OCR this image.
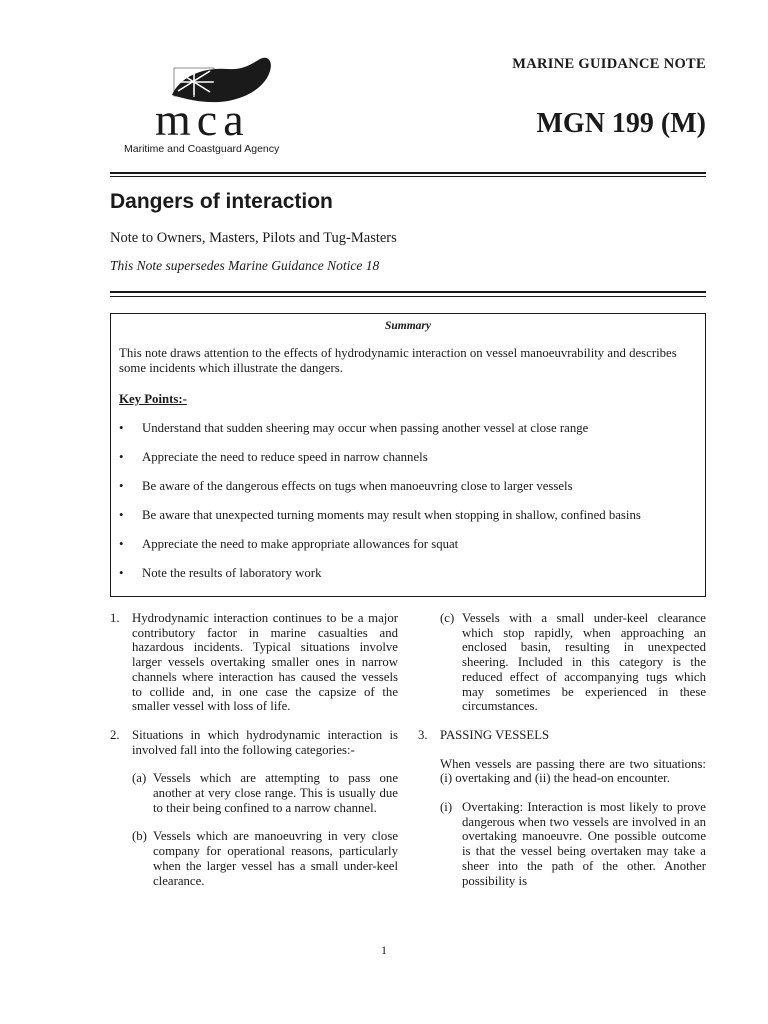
mca
Maritime and Coastguard Agency
MARINE GUIDANCE NOTE
MGN 199 (M)
Dangers of interaction
Note to Owners, Masters, Pilots and Tug-Masters
This Note supersedes Marine Guidance Notice 18
Summary
This note draws attention to the effects of hydrodynamic interaction on vessel manoeuvrability and describes some incidents which illustrate the dangers.
Key Points:-
• Understand that sudden sheering may occur when passing another vessel at close range
• Appreciate the need to reduce speed in narrow channels
• Be aware of the dangerous effects on tugs when manoeuvring close to larger vessels
• Be aware that unexpected turning moments may result when stopping in shallow, confined basins
• Appreciate the need to make appropriate allowances for squat
• Note the results of laboratory work
1. Hydrodynamic interaction continues to be a major contributory factor in marine casualties and hazardous incidents. Typical situations involve larger vessels overtaking smaller ones in narrow channels where interaction has caused the vessels to collide and, in one case the capsize of the smaller vessel with loss of life.
2. Situations in which hydrodynamic interaction is involved fall into the following categories:-
(a) Vessels which are attempting to pass one another at very close range. This is usually due to their being confined to a narrow channel.
(b) Vessels which are manoeuvring in very close company for operational reasons, particularly when the larger vessel has a small under-keel clearance.
(c) Vessels with a small under-keel clearance which stop rapidly, when approaching an enclosed basin, resulting in unexpected sheering. Included in this category is the reduced effect of accompanying tugs which may sometimes be experienced in these circumstances.
3. PASSING VESSELS
When vessels are passing there are two situations: (i) overtaking and (ii) the head-on encounter.
(i) Overtaking: Interaction is most likely to prove dangerous when two vessels are involved in an overtaking manoeuvre. One possible outcome is that the vessel being overtaken may take a sheer into the path of the other. Another possibility is
1
